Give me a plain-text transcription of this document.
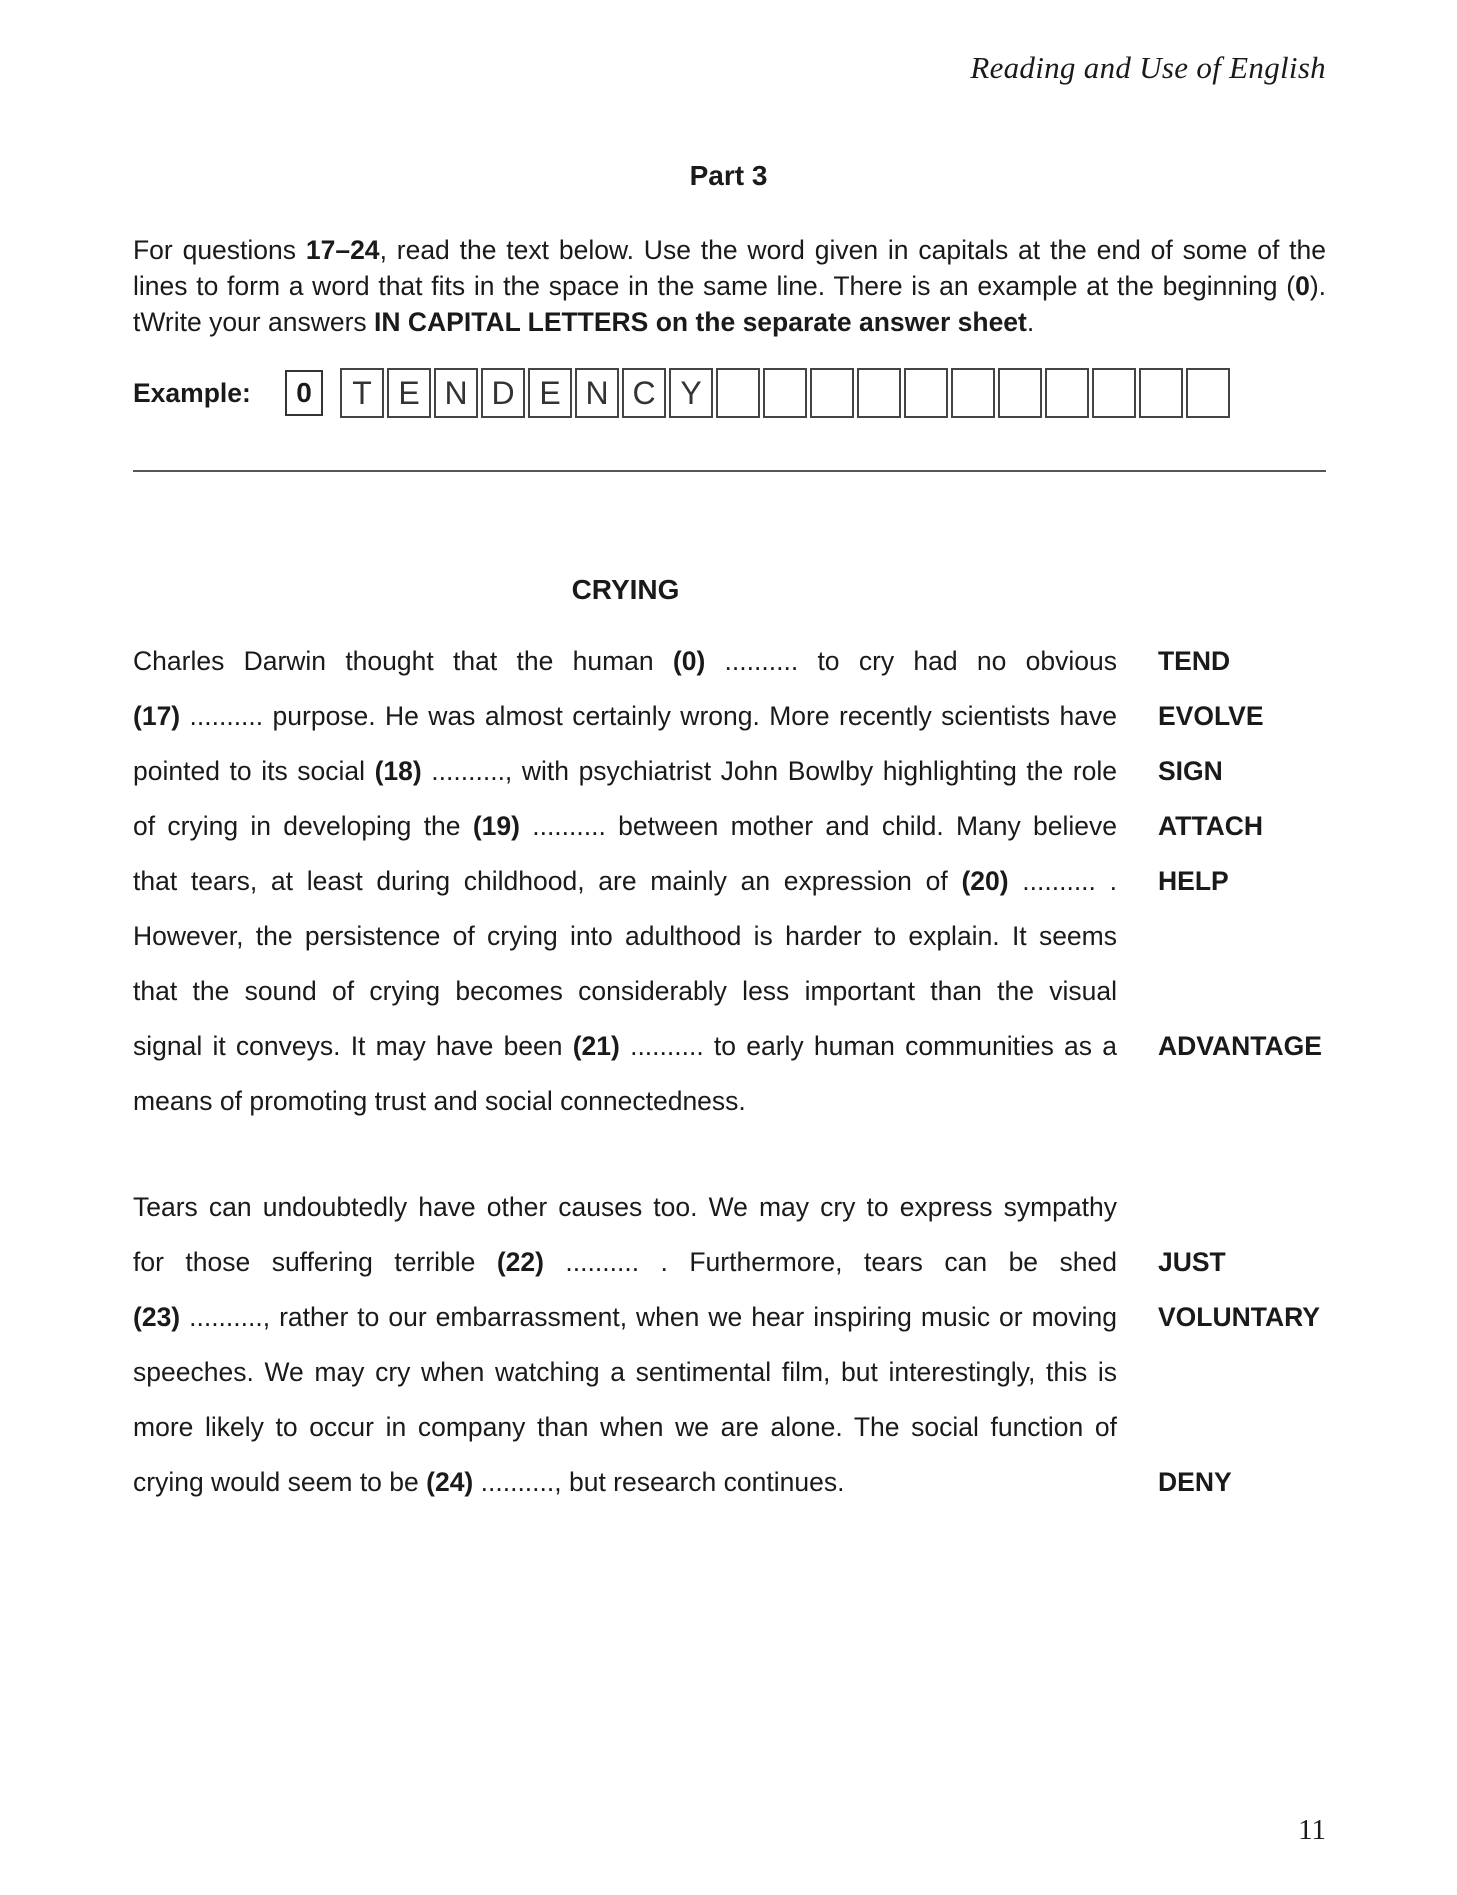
Reading and Use of English
Part 3
For questions 17–24, read the text below. Use the word given in capitals at the end of some of the lines to form a word that fits in the space in the same line. There is an example at the beginning (0). tWrite your answers IN CAPITAL LETTERS on the separate answer sheet.
Example:	0	T E N D E N C Y
CRYING
Charles Darwin thought that the human (0) .......... to cry had no obvious TEND
(17) .......... purpose. He was almost certainly wrong. More recently scientists have EVOLVE
pointed to its social (18) .........., with psychiatrist John Bowlby highlighting the role SIGN
of crying in developing the (19) .......... between mother and child. Many believe ATTACH
that tears, at least during childhood, are mainly an expression of (20) .......... . HELP
However, the persistence of crying into adulthood is harder to explain. It seems
that the sound of crying becomes considerably less important than the visual
signal it conveys. It may have been (21) .......... to early human communities as a ADVANTAGE
means of promoting trust and social connectedness.
Tears can undoubtedly have other causes too. We may cry to express sympathy
for those suffering terrible (22) .......... . Furthermore, tears can be shed JUST
(23) .........., rather to our embarrassment, when we hear inspiring music or moving VOLUNTARY
speeches. We may cry when watching a sentimental film, but interestingly, this is
more likely to occur in company than when we are alone. The social function of
crying would seem to be (24) .........., but research continues.	DENY
11
